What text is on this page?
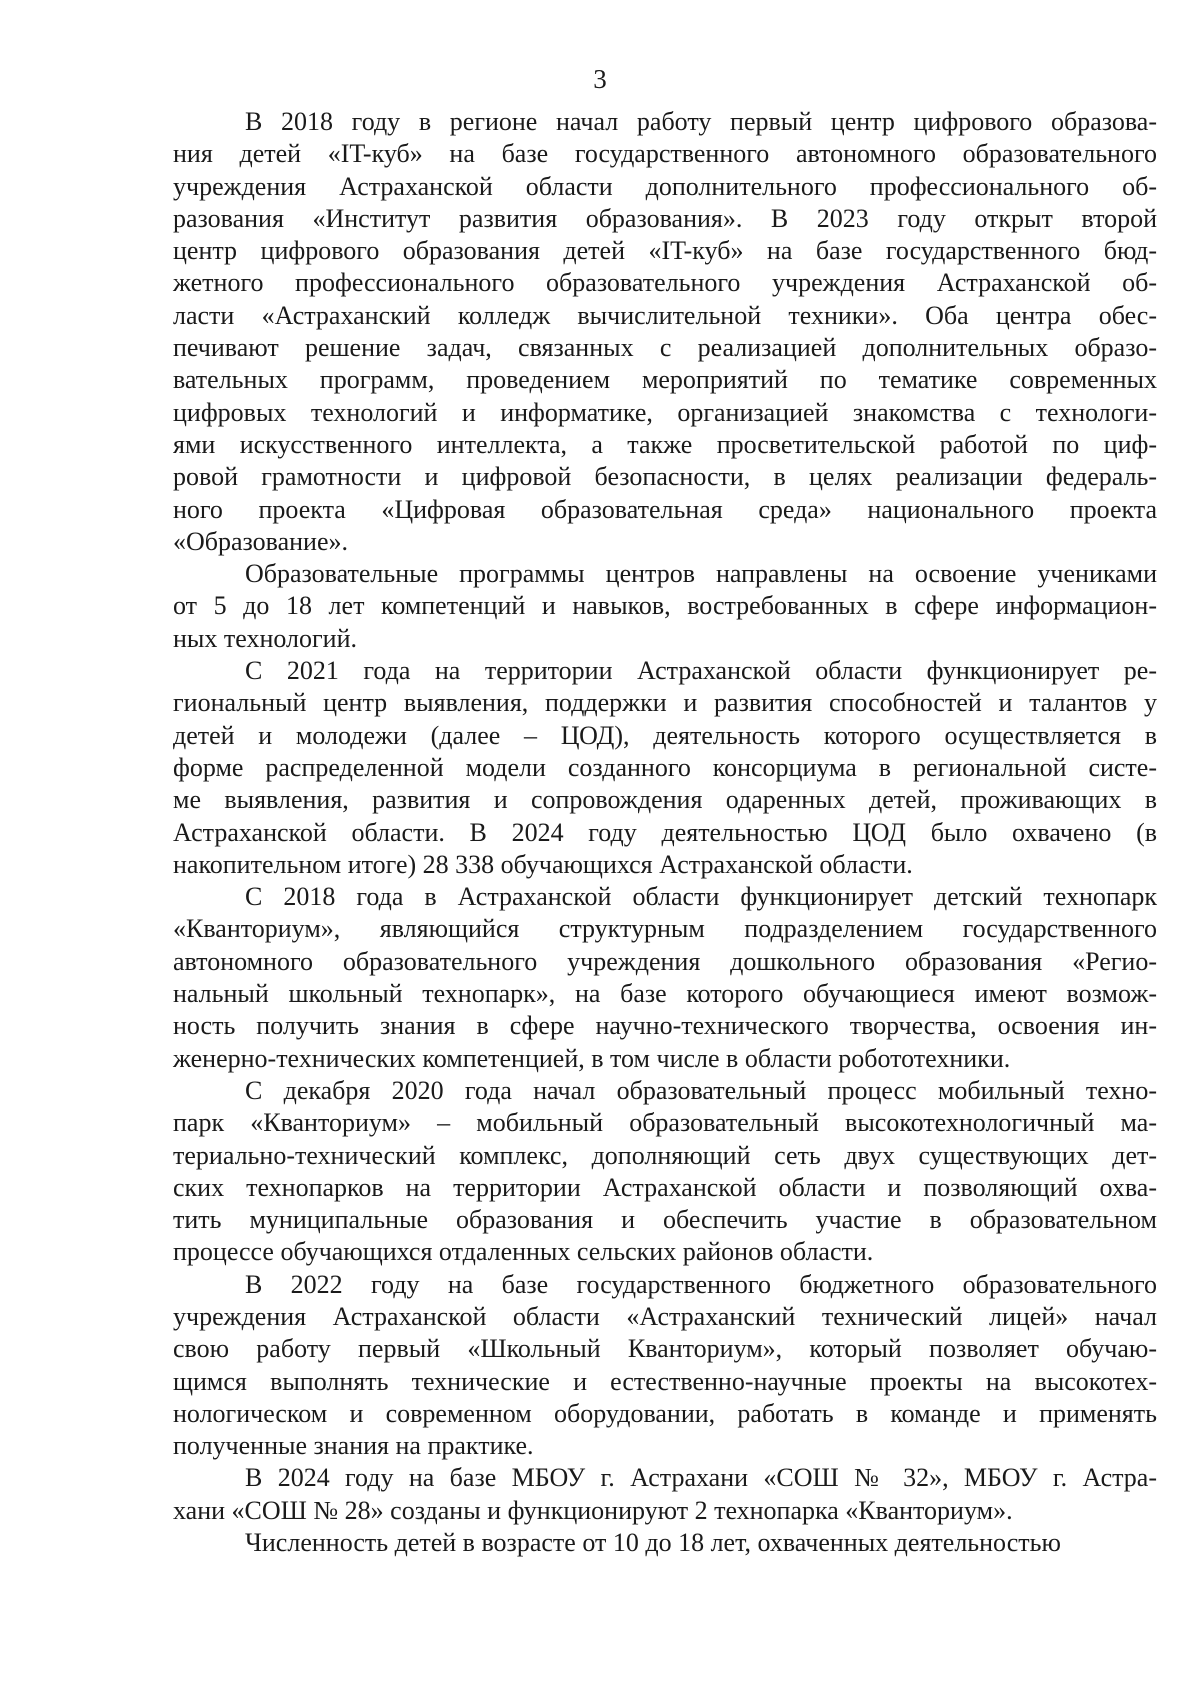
3
В 2018 году в регионе начал работу первый центр цифрового образова-
ния детей «IT-куб» на базе государственного автономного образовательного
учреждения Астраханской области дополнительного профессионального об-
разования «Институт развития образования». В 2023 году открыт второй
центр цифрового образования детей «IT-куб» на базе государственного бюд-
жетного профессионального образовательного учреждения Астраханской об-
ласти «Астраханский колледж вычислительной техники». Оба центра обес-
печивают решение задач, связанных с реализацией дополнительных образо-
вательных программ, проведением мероприятий по тематике современных
цифровых технологий и информатике, организацией знакомства с технологи-
ями искусственного интеллекта, а также просветительской работой по циф-
ровой грамотности и цифровой безопасности, в целях реализации федераль-
ного проекта «Цифровая образовательная среда» национального проекта
«Образование».
Образовательные программы центров направлены на освоение учениками
от 5 до 18 лет компетенций и навыков, востребованных в сфере информацион-
ных технологий.
С 2021 года на территории Астраханской области функционирует ре-
гиональный центр выявления, поддержки и развития способностей и талантов у
детей и молодежи (далее – ЦОД), деятельность которого осуществляется в
форме распределенной модели созданного консорциума в региональной систе-
ме выявления, развития и сопровождения одаренных детей, проживающих в
Астраханской области. В 2024 году деятельностью ЦОД было охвачено (в
накопительном итоге) 28 338 обучающихся Астраханской области.
С 2018 года в Астраханской области функционирует детский технопарк
«Кванториум», являющийся структурным подразделением государственного
автономного образовательного учреждения дошкольного образования «Регио-
нальный школьный технопарк», на базе которого обучающиеся имеют возмож-
ность получить знания в сфере научно-технического творчества, освоения ин-
женерно-технических компетенцией, в том числе в области робототехники.
С декабря 2020 года начал образовательный процесс мобильный техно-
парк «Кванториум» – мобильный образовательный высокотехнологичный ма-
териально-технический комплекс, дополняющий сеть двух существующих дет-
ских технопарков на территории Астраханской области и позволяющий охва-
тить муниципальные образования и обеспечить участие в образовательном
процессе обучающихся отдаленных сельских районов области.
В 2022 году на базе государственного бюджетного образовательного
учреждения Астраханской области «Астраханский технический лицей» начал
свою работу первый «Школьный Кванториум», который позволяет обучаю-
щимся выполнять технические и естественно-научные проекты на высокотех-
нологическом и современном оборудовании, работать в команде и применять
полученные знания на практике.
В 2024 году на базе МБОУ г. Астрахани «СОШ № 32», МБОУ г. Астра-
хани «СОШ № 28» созданы и функционируют 2 технопарка «Кванториум».
Численность детей в возрасте от 10 до 18 лет, охваченных деятельностью
